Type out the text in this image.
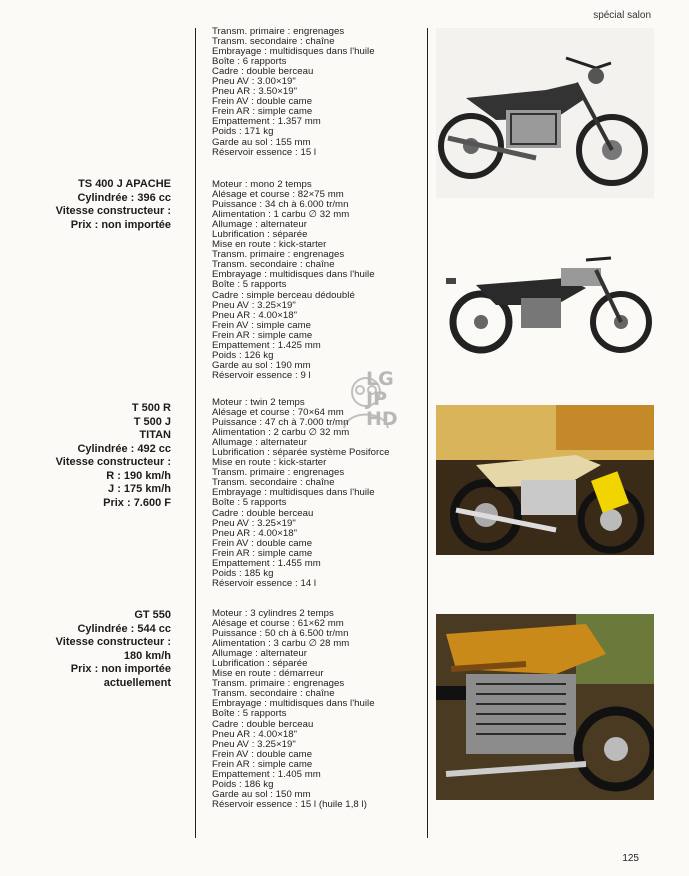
spécial salon
Transm. primaire : engrenages
Transm. secondaire : chaîne
Embrayage : multidisques dans l'huile
Boîte : 6 rapports
Cadre : double berceau
Pneu AV : 3.00×19"
Pneu AR : 3.50×19"
Frein AV : double came
Frein AR : simple came
Empattement : 1.357 mm
Poids : 171 kg
Garde au sol : 155 mm
Réservoir essence : 15 l
TS 400 J APACHE
Cylindrée : 396 cc
Vitesse constructeur :
Prix : non importée
Moteur : mono 2 temps
Alésage et course : 82×75 mm
Puissance : 34 ch à 6.000 tr/mn
Alimentation : 1 carbu ∅ 32 mm
Allumage : alternateur
Lubrification : séparée
Mise en route : kick-starter
Transm. primaire : engrenages
Transm. secondaire : chaîne
Embrayage : multidisques dans l'huile
Boîte : 5 rapports
Cadre : simple berceau dédoublé
Pneu AV : 3.25×19"
Pneu AR : 4.00×18"
Frein AV : simple came
Frein AR : simple came
Empattement : 1.425 mm
Poids : 126 kg
Garde au sol : 190 mm
Réservoir essence : 9 l
T 500 R
T 500 J
TITAN
Cylindrée : 492 cc
Vitesse constructeur :
R : 190 km/h
J : 175 km/h
Prix : 7.600 F
Moteur : twin 2 temps
Alésage et course : 70×64 mm
Puissance : 47 ch à 7.000 tr/mn
Alimentation : 2 carbu ∅ 32 mm
Allumage : alternateur
Lubrification : séparée système Posiforce
Mise en route : kick-starter
Transm. primaire : engrenages
Transm. secondaire : chaîne
Embrayage : multidisques dans l'huile
Boîte : 5 rapports
Cadre : double berceau
Pneu AV : 3.25×19"
Pneu AR : 4.00×18"
Frein AV : double came
Frein AR : simple came
Empattement : 1.455 mm
Poids : 185 kg
Réservoir essence : 14 l
GT 550
Cylindrée : 544 cc
Vitesse constructeur :
180 km/h
Prix : non importée
actuellement
Moteur : 3 cylindres 2 temps
Alésage et course : 61×62 mm
Puissance : 50 ch à 6.500 tr/mn
Alimentation : 3 carbu ∅ 28 mm
Allumage : alternateur
Lubrification : séparée
Mise en route : démarreur
Transm. primaire : engrenages
Transm. secondaire : chaîne
Embrayage : multidisques dans l'huile
Boîte : 5 rapports
Cadre : double berceau
Pneu AR : 4.00×18"
Pneu AV : 3.25×19"
Frein AV : double came
Frein AR : simple came
Empattement : 1.405 mm
Poids : 186 kg
Garde au sol : 150 mm
Réservoir essence : 15 l (huile 1,8 l)
LG
JP
HD
125
